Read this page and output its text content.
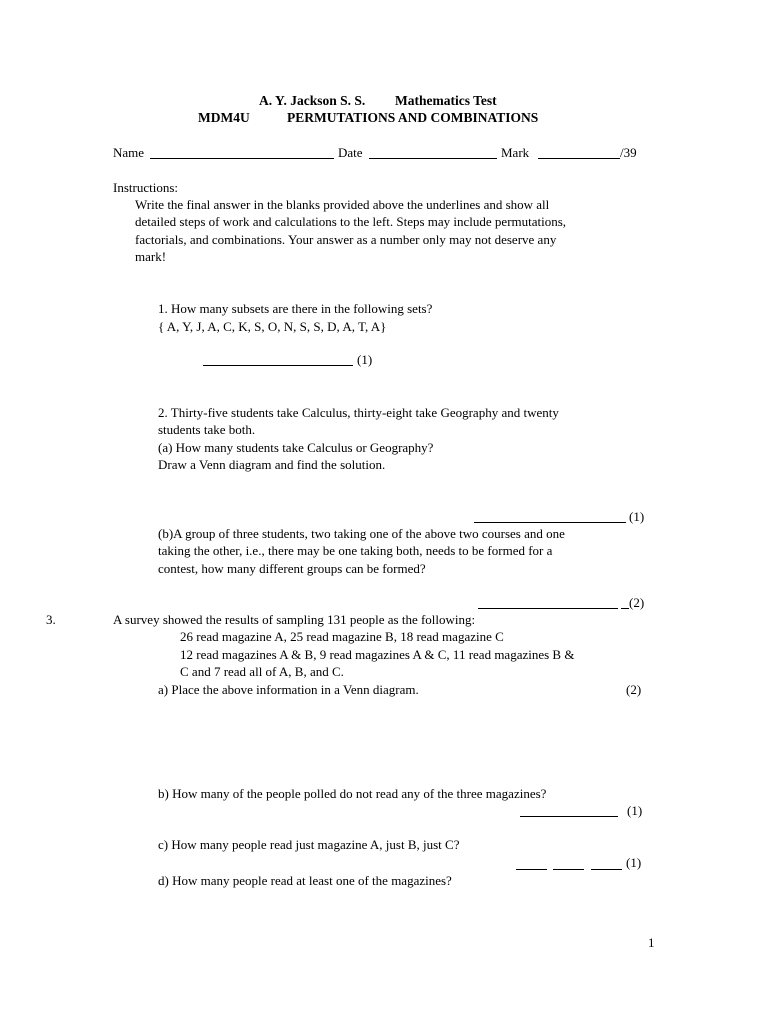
A. Y. Jackson S. S. Mathematics Test
MDM4U	PERMUTATIONS AND COMBINATIONS
Name	Date	Mark	/39
Instructions:
Write the final answer in the blanks provided above the underlines and show all
detailed steps of work and calculations to the left. Steps may include permutations,
factorials, and combinations. Your answer as a number only may not deserve any
mark!
1. How many subsets are there in the following sets?
{ A, Y, J, A, C, K, S, O, N, S, S, D, A, T, A}
(1)
2. Thirty-five students take Calculus, thirty-eight take Geography and twenty
students take both.
(a) How many students take Calculus or Geography?
Draw a Venn diagram and find the solution.
(1)
(b)A group of three students, two taking one of the above two courses and one
taking the other, i.e., there may be one taking both, needs to be formed for a
contest, how many different groups can be formed?
(2)
3.	A survey showed the results of sampling 131 people as the following:
26 read magazine A, 25 read magazine B, 18 read magazine C
12 read magazines A & B, 9 read magazines A & C, 11 read magazines B &
C and 7 read all of A, B, and C.
a) Place the above information in a Venn diagram.	(2)
b) How many of the people polled do not read any of the three magazines?
(1)
c) How many people read just magazine A, just B, just C?
(1)
d) How many people read at least one of the magazines?
1
